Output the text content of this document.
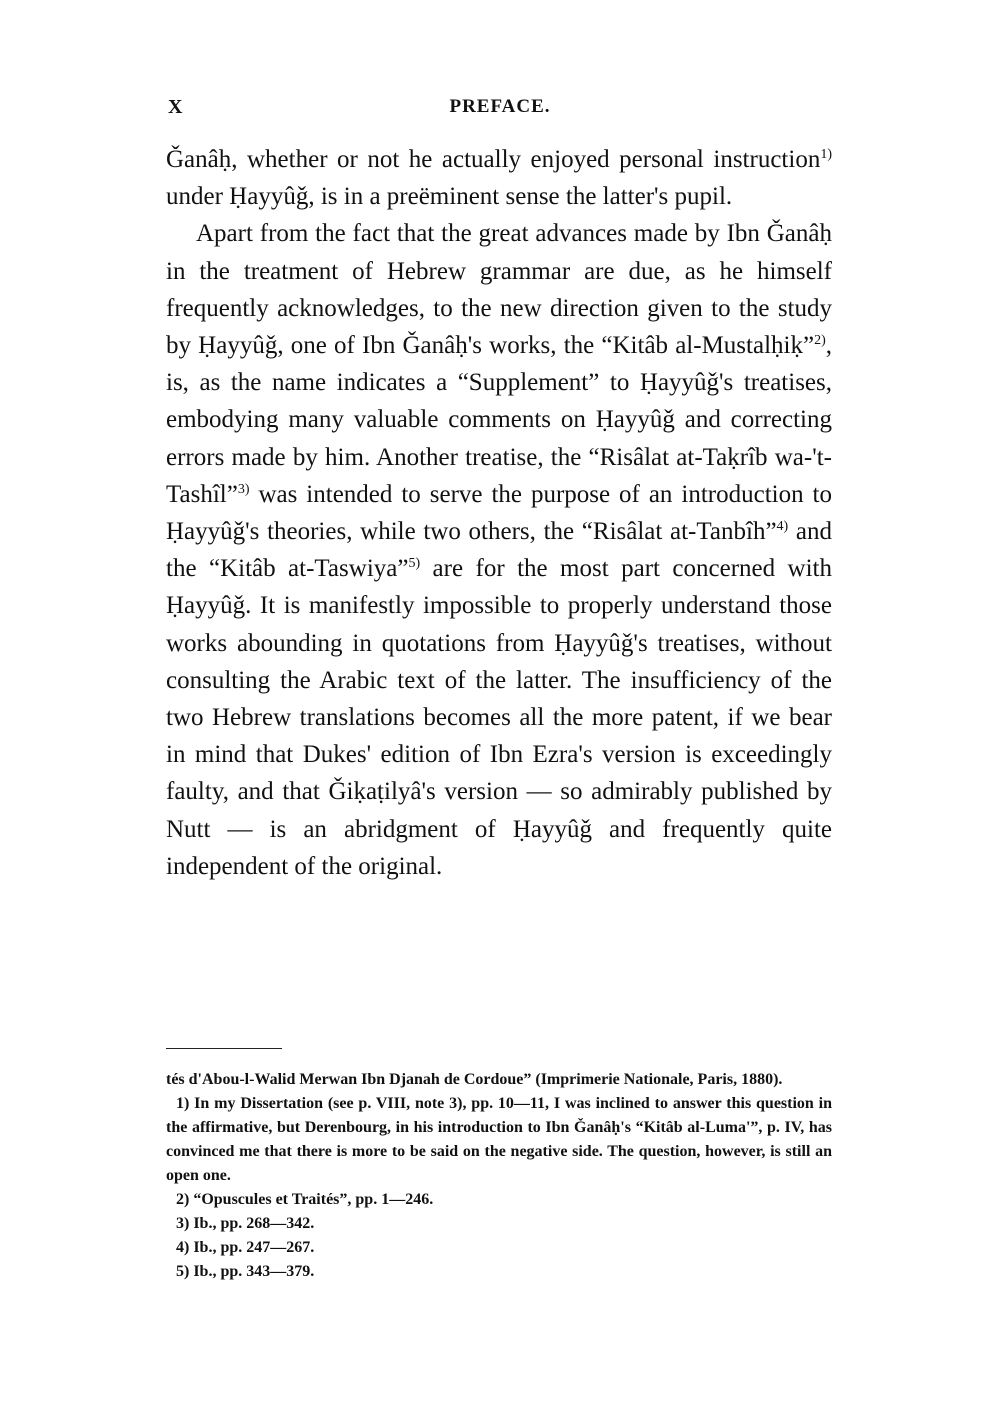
X	PREFACE.

Ǧanâḥ, whether or not he actually enjoyed personal instruction$^{1)}$ under Ḥayyûǧ, is in a preëminent sense the latter's pupil.

Apart from the fact that the great advances made by Ibn Ǧanâḥ in the treatment of Hebrew grammar are due, as he himself frequently acknowledges, to the new direction given to the study by Ḥayyûǧ, one of Ibn Ǧanâḥ's works, the “Kitâb al-Mustalḥiḳ”$^{2)}$, is, as the name indicates a “Supplement” to Ḥayyûǧ's treatises, embodying many valuable comments on Ḥayyûǧ and correcting errors made by him. Another treatise, the “Risâlat at-Taḳrîb wa-'t-Tashîl”$^{3)}$ was intended to serve the purpose of an introduction to Ḥayyûǧ's theories, while two others, the “Risâlat at-Tanbîh”$^{4)}$ and the “Kitâb at-Taswiya”$^{5)}$ are for the most part concerned with Ḥayyûǧ. It is manifestly impossible to properly understand those works abounding in quotations from Ḥayyûǧ's treatises, without consulting the Arabic text of the latter. The insufficiency of the two Hebrew translations becomes all the more patent, if we bear in mind that Dukes' edition of Ibn Ezra's version is exceedingly faulty, and that Ǧiḳaṭilyâ's version — so admirably published by Nutt — is an abridgment of Ḥayyûǧ and frequently quite independent of the original.

tés d'Abou-l-Walid Merwan Ibn Djanah de Cordoue” (Imprimerie Nationale, Paris, 1880).

1) In my Dissertation (see p. VIII, note 3), pp. 10—11, I was inclined to answer this question in the affirmative, but Derenbourg, in his introduction to Ibn Ǧanâḥ's “Kitâb al-Luma'”, p. IV, has convinced me that there is more to be said on the negative side. The question, however, is still an open one.

2) “Opuscules et Traités”, pp. 1—246.

3) Ib., pp. 268—342.

4) Ib., pp. 247—267.

5) Ib., pp. 343—379.
